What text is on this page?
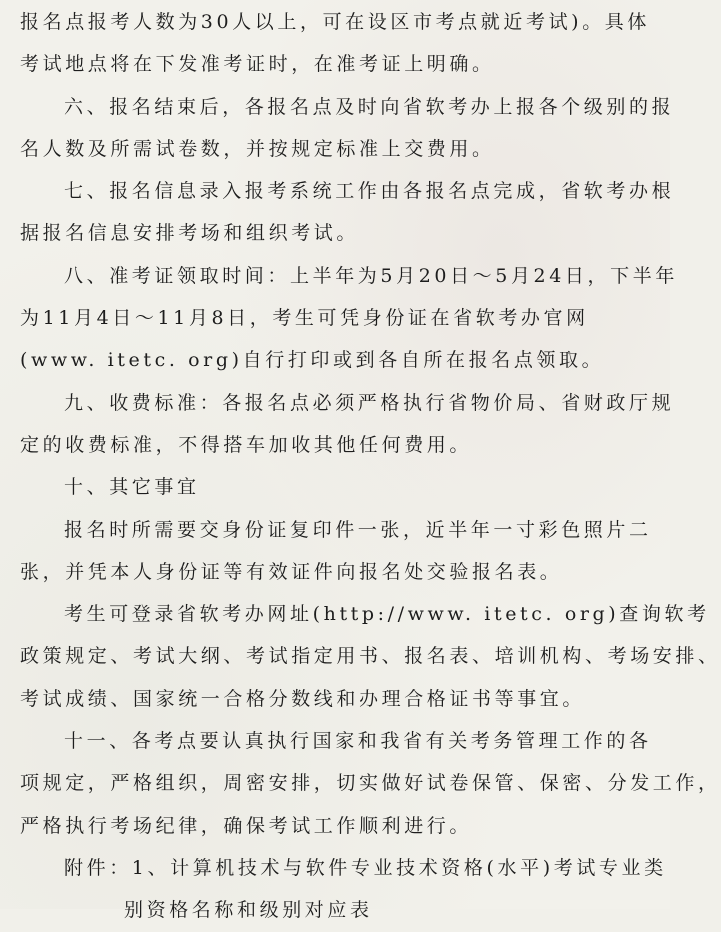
报名点报考人数为30人以上，可在设区市考点就近考试)。具体
考试地点将在下发准考证时，在准考证上明确。
六、报名结束后，各报名点及时向省软考办上报各个级别的报
名人数及所需试卷数，并按规定标准上交费用。
七、报名信息录入报考系统工作由各报名点完成，省软考办根
据报名信息安排考场和组织考试。
八、准考证领取时间：上半年为5月20日～5月24日，下半年
为11月4日～11月8日，考生可凭身份证在省软考办官网
(www. itetc. org)自行打印或到各自所在报名点领取。
九、收费标准：各报名点必须严格执行省物价局、省财政厅规
定的收费标准，不得搭车加收其他任何费用。
十、其它事宜
报名时所需要交身份证复印件一张，近半年一寸彩色照片二
张，并凭本人身份证等有效证件向报名处交验报名表。
考生可登录省软考办网址(http://www. itetc. org)查询软考
政策规定、考试大纲、考试指定用书、报名表、培训机构、考场安排、
考试成绩、国家统一合格分数线和办理合格证书等事宜。
十一、各考点要认真执行国家和我省有关考务管理工作的各
项规定，严格组织，周密安排，切实做好试卷保管、保密、分发工作，
严格执行考场纪律，确保考试工作顺利进行。
附件：1、计算机技术与软件专业技术资格(水平)考试专业类
别资格名称和级别对应表
